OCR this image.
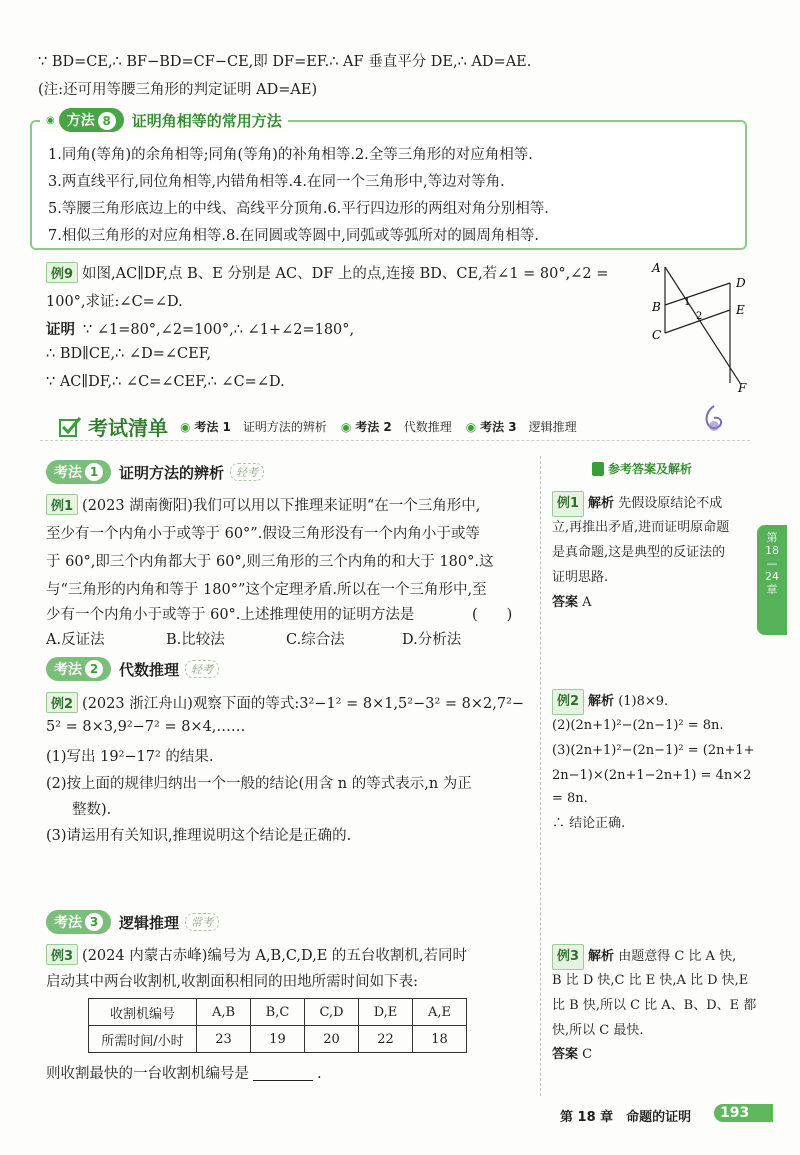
∵ BD=CE,∴ BF−BD=CF−CE,即 DF=EF.∴ AF 垂直平分 DE,∴ AD=AE.
(注:还可用等腰三角形的判定证明 AD=AE)
◉ 方法 8	证明角相等的常用方法
1.同角(等角)的余角相等;同角(等角)的补角相等.2.全等三角形的对应角相等.
3.两直线平行,同位角相等,内错角相等.4.在同一个三角形中,等边对等角.
5.等腰三角形底边上的中线、高线平分顶角.6.平行四边形的两组对角分别相等.
7.相似三角形的对应角相等.8.在同圆或等圆中,同弧或等弧所对的圆周角相等.
例9 如图,AC∥DF,点 B、E 分别是 AC、DF 上的点,连接 BD、CE,若∠1 = 80°,∠2 =
100°,求证:∠C=∠D.
证明 ∵ ∠1=80°,∠2=100°,∴ ∠1+∠2=180°,
∴ BD∥CE,∴ ∠D=∠CEF,
∵ AC∥DF,∴ ∠C=∠CEF,∴ ∠C=∠D.
A
B
C
D
E
F
1
2
考试清单 ◉ 考法 1　 证明方法的辨析 ◉ 考法 2　 代数推理 ◉ 考法 3　 逻辑推理
考法 1	证明方法的辨析	轻考
例1 (2023 湖南衡阳)我们可以用以下推理来证明“在一个三角形中,
至少有一个内角小于或等于 60°”.假设三角形没有一个内角小于或等
于 60°,即三个内角都大于 60°,则三角形的三个内角的和大于 180°.这
与“三角形的内角和等于 180°”这个定理矛盾.所以在一个三角形中,至
少有一个内角小于或等于 60°.上述推理使用的证明方法是	(　　)
A.反证法	B.比较法	C.综合法	D.分析法
考法 2	代数推理	轻考
例2 (2023 浙江舟山)观察下面的等式:3²−1² = 8×1,5²−3² = 8×2,7²−
5² = 8×3,9²−7² = 8×4,……
(1)写出 19²−17² 的结果.
(2)按上面的规律归纳出一个一般的结论(用含 n 的等式表示,n 为正
整数).
(3)请运用有关知识,推理说明这个结论是正确的.
考法 3	逻辑推理	常考
例3 (2024 内蒙古赤峰)编号为 A,B,C,D,E 的五台收割机,若同时
启动其中两台收割机,收割面积相同的田地所需时间如下表:
收割机编号	A,B	B,C	C,D	D,E	A,E
所需时间/小时	23	19	20	22	18
则收割最快的一台收割机编号是	.
参考答案及解析
例1 解析 先假设原结论不成
立,再推出矛盾,进而证明原命题
是真命题,这是典型的反证法的
证明思路.
答案 A
例2 解析 (1)8×9.
(2)(2n+1)²−(2n−1)² = 8n.
(3)(2n+1)²−(2n−1)² = (2n+1+
2n−1)×(2n+1−2n+1) = 4n×2
= 8n.
∴ 结论正确.
例3 解析 由题意得 C 比 A 快,
B 比 D 快,C 比 E 快,A 比 D 快,E
比 B 快,所以 C 比 A、B、D、E 都
快,所以 C 最快.
答案 C
第
18
—
24
章
第 18 章　命题的证明	193
